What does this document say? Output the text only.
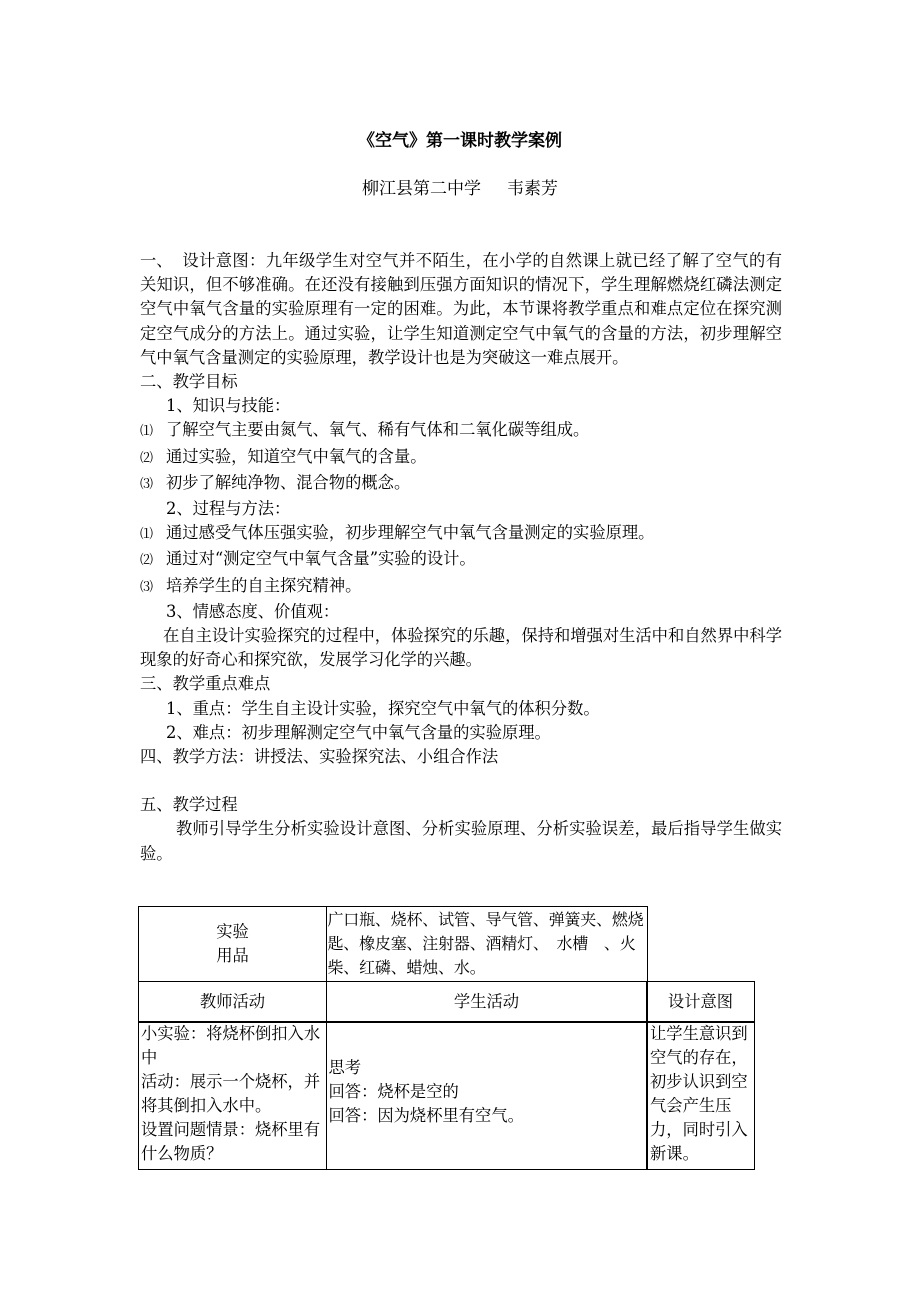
《空气》第一课时教学案例
柳江县第二中学 韦素芳

一、 设计意图：九年级学生对空气并不陌生，在小学的自然课上就已经了解了空气的有关知识，但不够准确。在还没有接触到压强方面知识的情况下，学生理解燃烧红磷法测定空气中氧气含量的实验原理有一定的困难。为此，本节课将教学重点和难点定位在探究测定空气成分的方法上。通过实验，让学生知道测定空气中氧气的含量的方法，初步理解空气中氧气含量测定的实验原理，教学设计也是为突破这一难点展开。

二、教学目标

1、知识与技能：

⑴ 了解空气主要由氮气、氧气、稀有气体和二氧化碳等组成。

⑵ 通过实验，知道空气中氧气的含量。

⑶ 初步了解纯净物、混合物的概念。

2、过程与方法：

⑴ 通过感受气体压强实验，初步理解空气中氧气含量测定的实验原理。

⑵ 通过对“测定空气中氧气含量”实验的设计。

⑶ 培养学生的自主探究精神。

3、情感态度、价值观：

在自主设计实验探究的过程中，体验探究的乐趣，保持和增强对生活中和自然界中科学现象的好奇心和探究欲，发展学习化学的兴趣。

三、教学重点难点

1、重点：学生自主设计实验，探究空气中氧气的体积分数。

2、难点：初步理解测定空气中氧气含量的实验原理。

四、教学方法：讲授法、实验探究法、小组合作法

五、教学过程

教师引导学生分析实验设计意图、分析实验原理、分析实验误差，最后指导学生做实验。

实验
用品
广口瓶、烧杯、试管、导气管、弹簧夹、燃烧匙、橡皮塞、注射器、酒精灯、　水槽　、火柴、红磷、蜡烛、水。
教师活动	学生活动	设计意图
小实验：将烧杯倒扣入水中
活动：展示一个烧杯，并将其倒扣入水中。
设置问题情景：烧杯里有什么物质？
思考
回答：烧杯是空的
回答：因为烧杯里有空气。
让学生意识到空气的存在，初步认识到空气会产生压力，同时引入新课。
